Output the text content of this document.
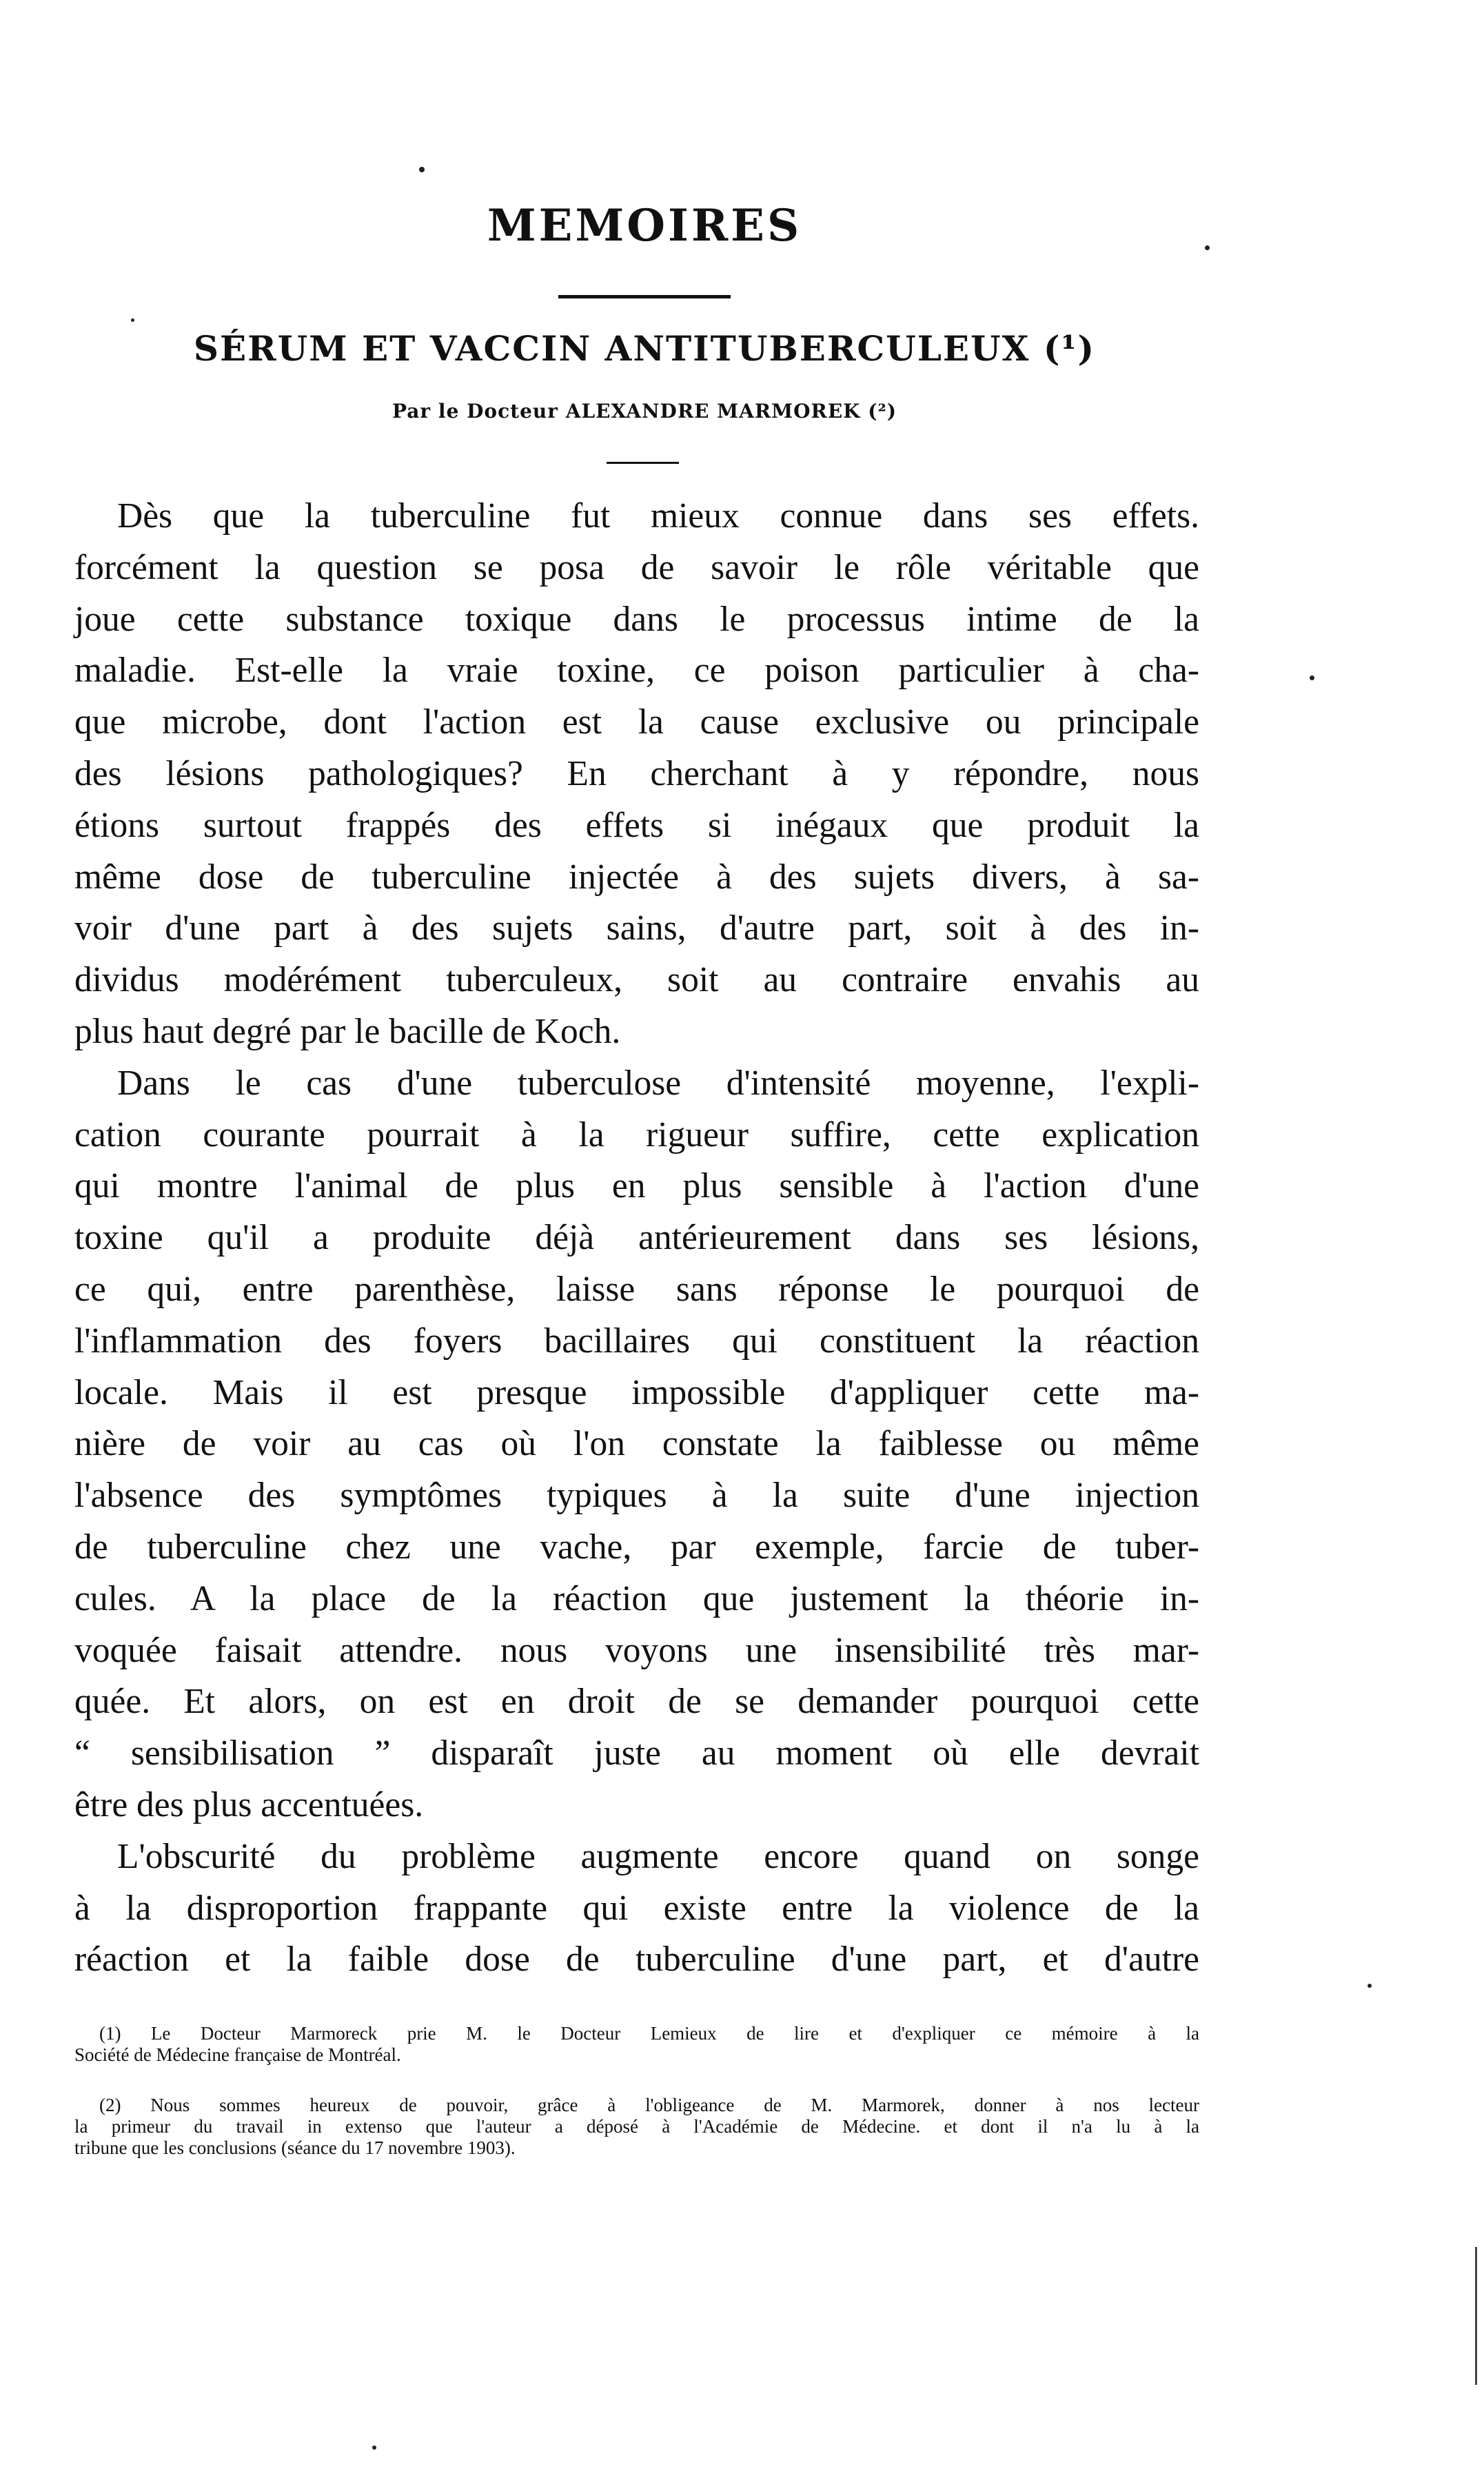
MEMOIRES
SÉRUM ET VACCIN ANTITUBERCULEUX (¹)
Par le Docteur ALEXANDRE MARMOREK (²)
Dès que la tuberculine fut mieux connue dans ses effets.
forcément la question se posa de savoir le rôle véritable que
joue cette substance toxique dans le processus intime de la
maladie. Est-elle la vraie toxine, ce poison particulier à cha-
que microbe, dont l'action est la cause exclusive ou principale
des lésions pathologiques? En cherchant à y répondre, nous
étions surtout frappés des effets si inégaux que produit la
même dose de tuberculine injectée à des sujets divers, à sa-
voir d'une part à des sujets sains, d'autre part, soit à des in-
dividus modérément tuberculeux, soit au contraire envahis au
plus haut degré par le bacille de Koch.
Dans le cas d'une tuberculose d'intensité moyenne, l'expli-
cation courante pourrait à la rigueur suffire, cette explication
qui montre l'animal de plus en plus sensible à l'action d'une
toxine qu'il a produite déjà antérieurement dans ses lésions,
ce qui, entre parenthèse, laisse sans réponse le pourquoi de
l'inflammation des foyers bacillaires qui constituent la réaction
locale. Mais il est presque impossible d'appliquer cette ma-
nière de voir au cas où l'on constate la faiblesse ou même
l'absence des symptômes typiques à la suite d'une injection
de tuberculine chez une vache, par exemple, farcie de tuber-
cules. A la place de la réaction que justement la théorie in-
voquée faisait attendre. nous voyons une insensibilité très mar-
quée. Et alors, on est en droit de se demander pourquoi cette
“ sensibilisation ” disparaît juste au moment où elle devrait
être des plus accentuées.
L'obscurité du problème augmente encore quand on songe
à la disproportion frappante qui existe entre la violence de la
réaction et la faible dose de tuberculine d'une part, et d'autre
(1) Le Docteur Marmoreck prie M. le Docteur Lemieux de lire et d'expliquer ce mémoire à la
Société de Médecine française de Montréal.
(2) Nous sommes heureux de pouvoir, grâce à l'obligeance de M. Marmorek, donner à nos lecteur
la primeur du travail in extenso que l'auteur a déposé à l'Académie de Médecine. et dont il n'a lu à la
tribune que les conclusions (séance du 17 novembre 1903).
